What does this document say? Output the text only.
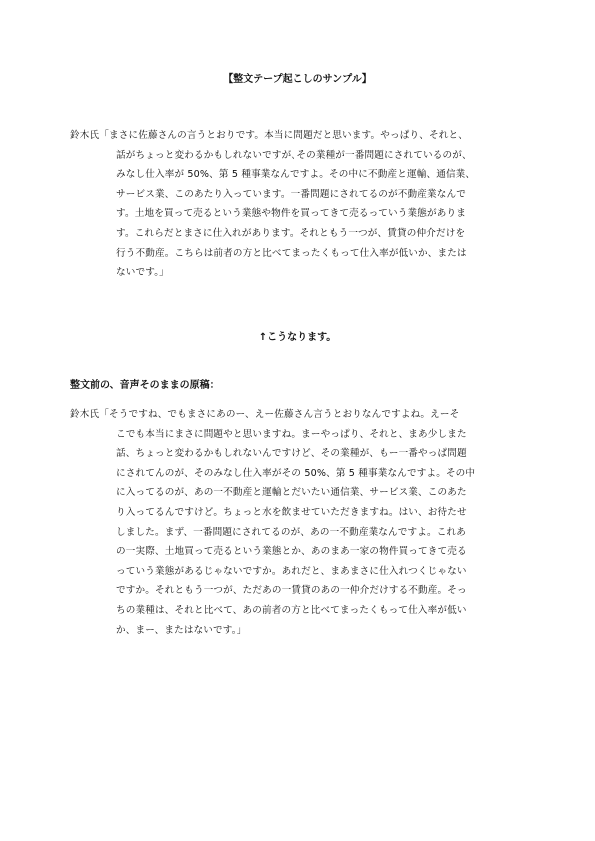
【整文テープ起こしのサンプル】
鈴木氏「まさに佐藤さんの言うとおりです。本当に問題だと思います。やっぱり、それと、
話がちょっと変わるかもしれないですが､その業種が一番問題にされているのが、
みなし仕入率が 50%、第 5 種事業なんですよ。その中に不動産と運輸、通信業、
サービス業、このあたり入っています。一番問題にされてるのが不動産業なんで
す。土地を買って売るという業態や物件を買ってきて売るっていう業態がありま
す。これらだとまさに仕入れがあります。それともう一つが、賃貸の仲介だけを
行う不動産。こちらは前者の方と比べてまったくもって仕入率が低いか、または
ないです。」
↑こうなります。
整文前の、音声そのままの原稿：
鈴木氏「そうですね、でもまさにあのー、えー佐藤さん言うとおりなんですよね。えーそ
こでも本当にまさに問題やと思いますね。まーやっぱり、それと、まあ少しまた
話、ちょっと変わるかもしれないんですけど、その業種が、もー一番やっぱ問題
にされてんのが、そのみなし仕入率がその 50%、第 5 種事業なんですよ。その中
に入ってるのが、あの一不動産と運輸とだいたい通信業、サービス業、このあた
り入ってるんですけど。ちょっと水を飲ませていただきますね。はい、お待たせ
しました。まず、一番問題にされてるのが、あの一不動産業なんですよ。これあ
の一実際、土地買って売るという業態とか、あのまあ一家の物件買ってきて売る
っていう業態があるじゃないですか。あれだと、まあまさに仕入れつくじゃない
ですか。それともう一つが、ただあの一賃貸のあの一仲介だけする不動産。そっ
ちの業種は、それと比べて、あの前者の方と比べてまったくもって仕入率が低い
か、まー、またはないです。」
